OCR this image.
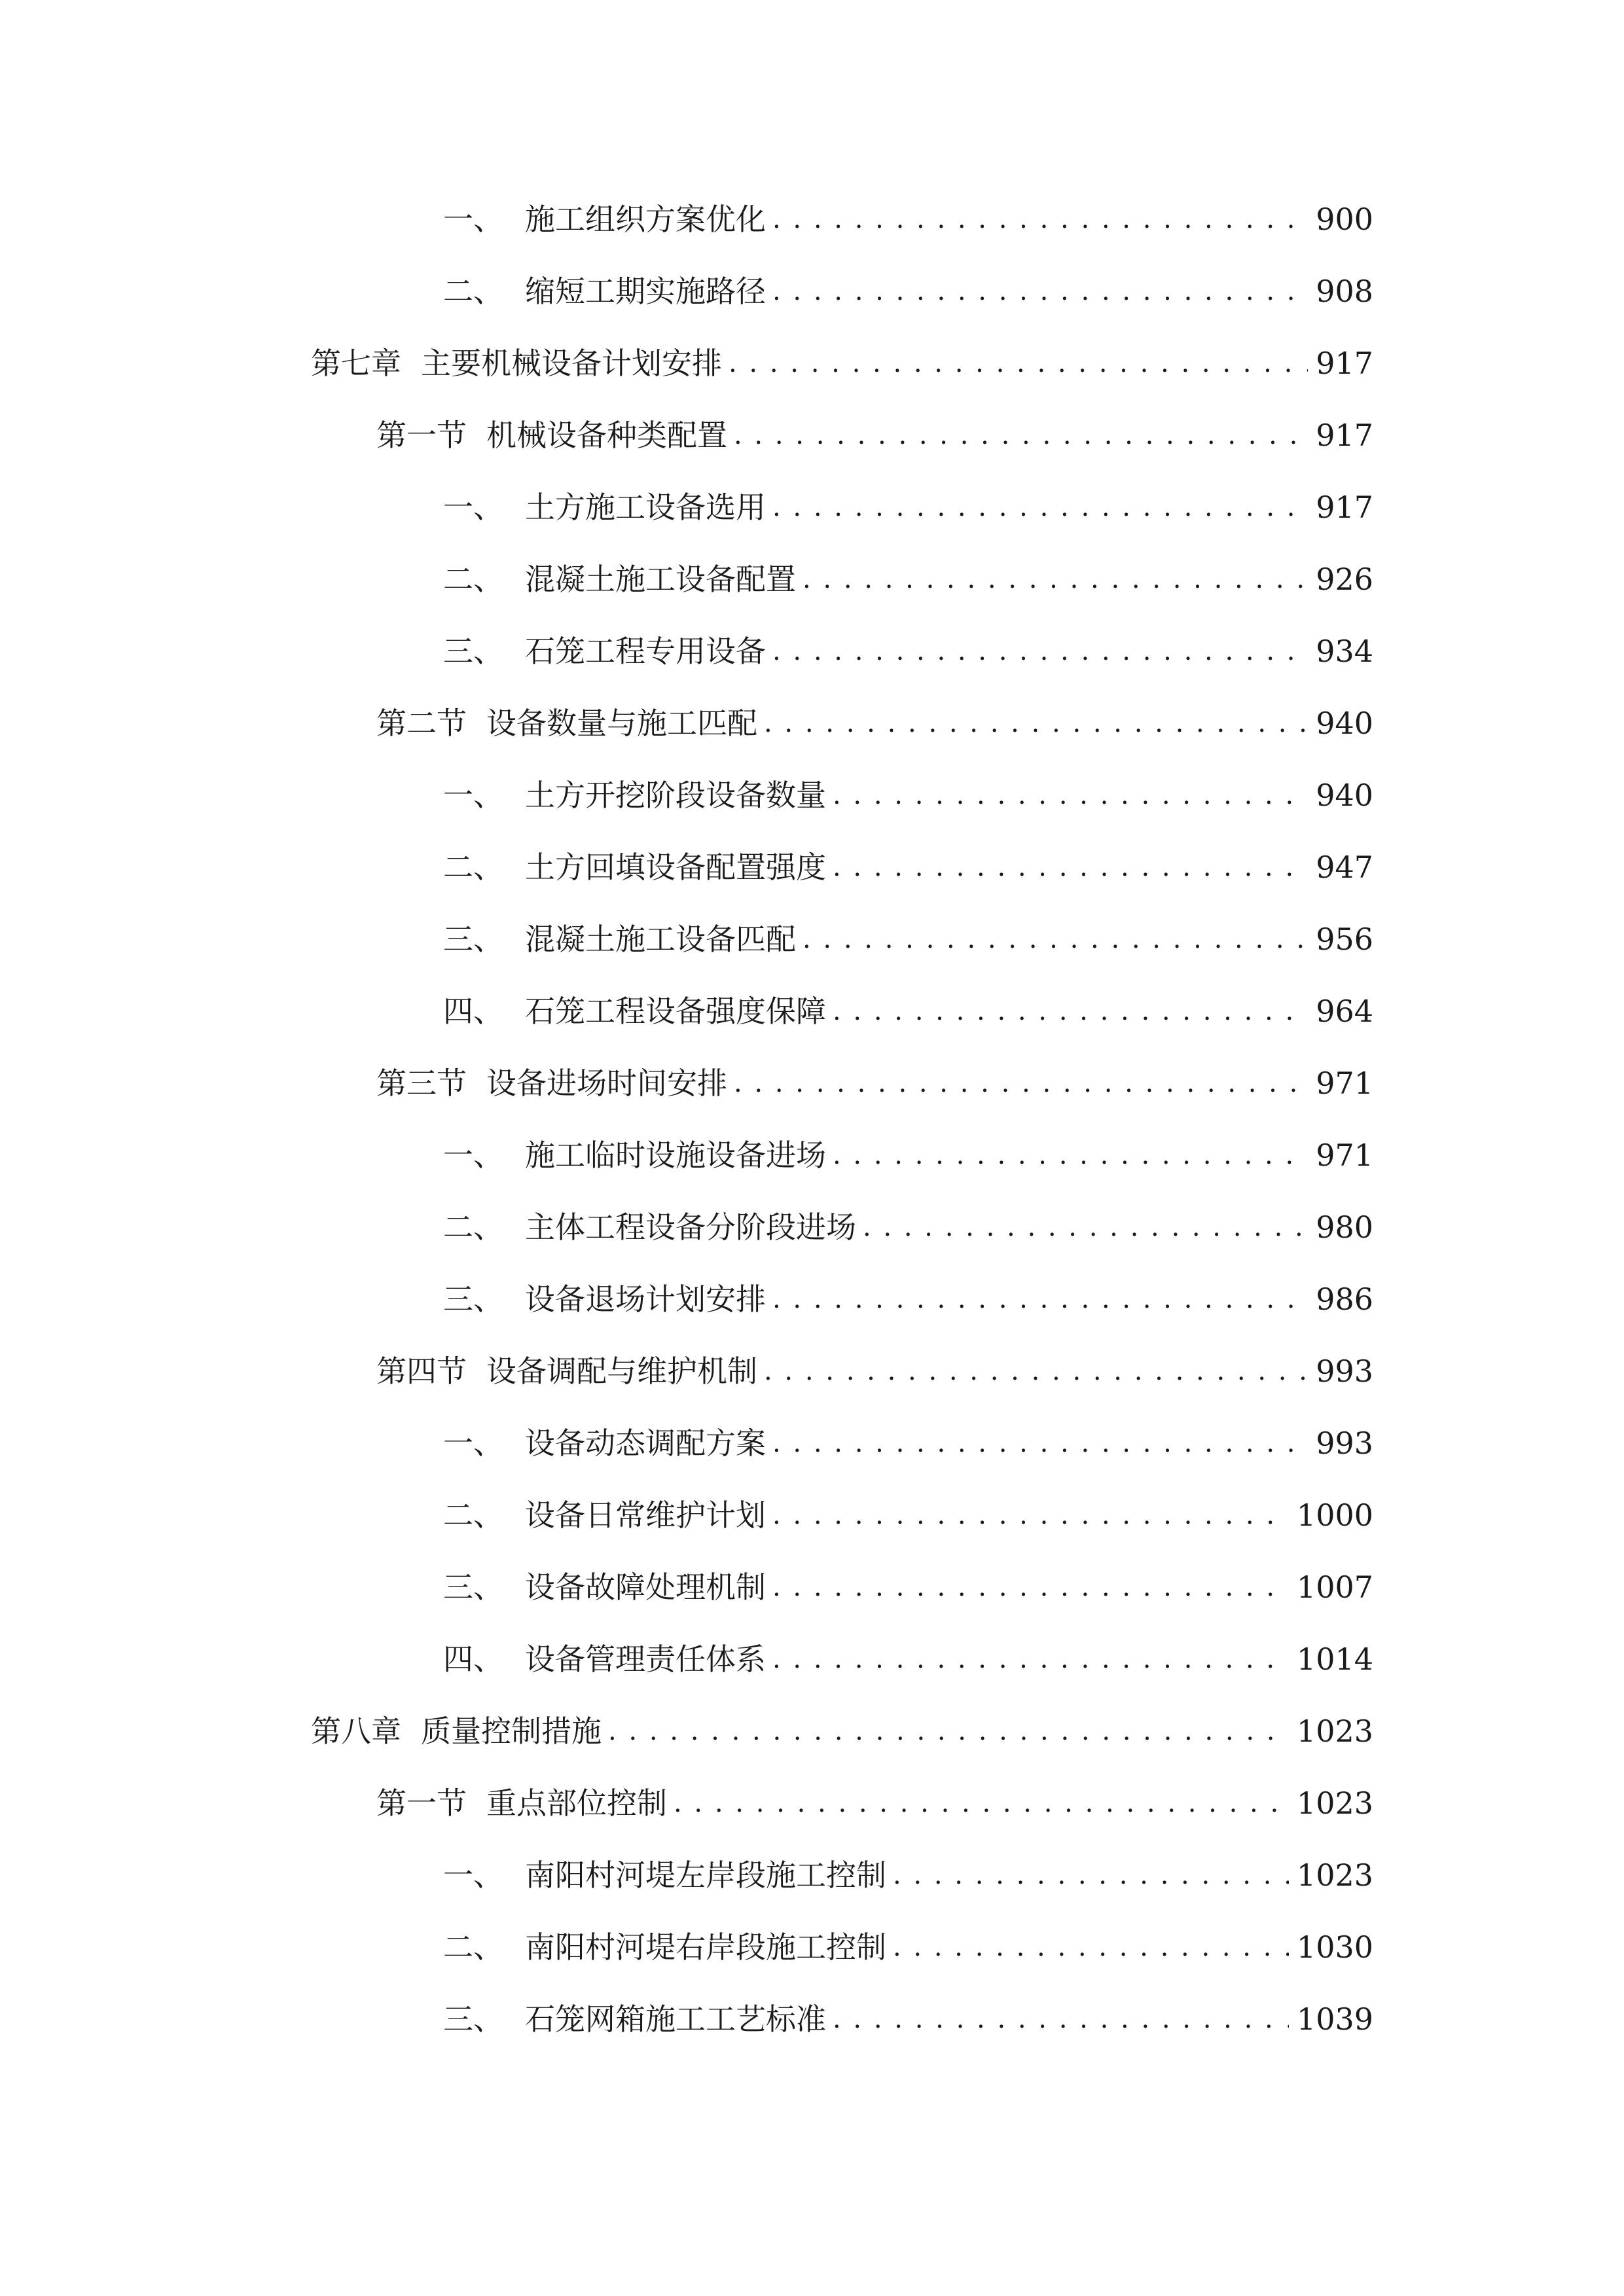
一、 施工组织方案优化 . . .	900
二、 缩短工期实施路径 . . .	908
第七章 主要机械设备计划安排 . . .	917
第一节 机械设备种类配置 . . .	917
一、 土方施工设备选用 . . .	917
二、 混凝土施工设备配置 . . .	926
三、 石笼工程专用设备 . . .	934
第二节 设备数量与施工匹配 . . .	940
一、 土方开挖阶段设备数量 . . .	940
二、 土方回填设备配置强度 . . .	947
三、 混凝土施工设备匹配 . . .	956
四、 石笼工程设备强度保障 . . .	964
第三节 设备进场时间安排 . . .	971
一、 施工临时设施设备进场 . . .	971
二、 主体工程设备分阶段进场 . . .	980
三、 设备退场计划安排 . . .	986
第四节 设备调配与维护机制 . . .	993
一、 设备动态调配方案 . . .	993
二、 设备日常维护计划 . . .	1000
三、 设备故障处理机制 . . .	1007
四、 设备管理责任体系 . . .	1014
第八章 质量控制措施 . . .	1023
第一节 重点部位控制 . . .	1023
一、 南阳村河堤左岸段施工控制 . . .	1023
二、 南阳村河堤右岸段施工控制 . . .	1030
三、 石笼网箱施工工艺标准 . . .	1039
